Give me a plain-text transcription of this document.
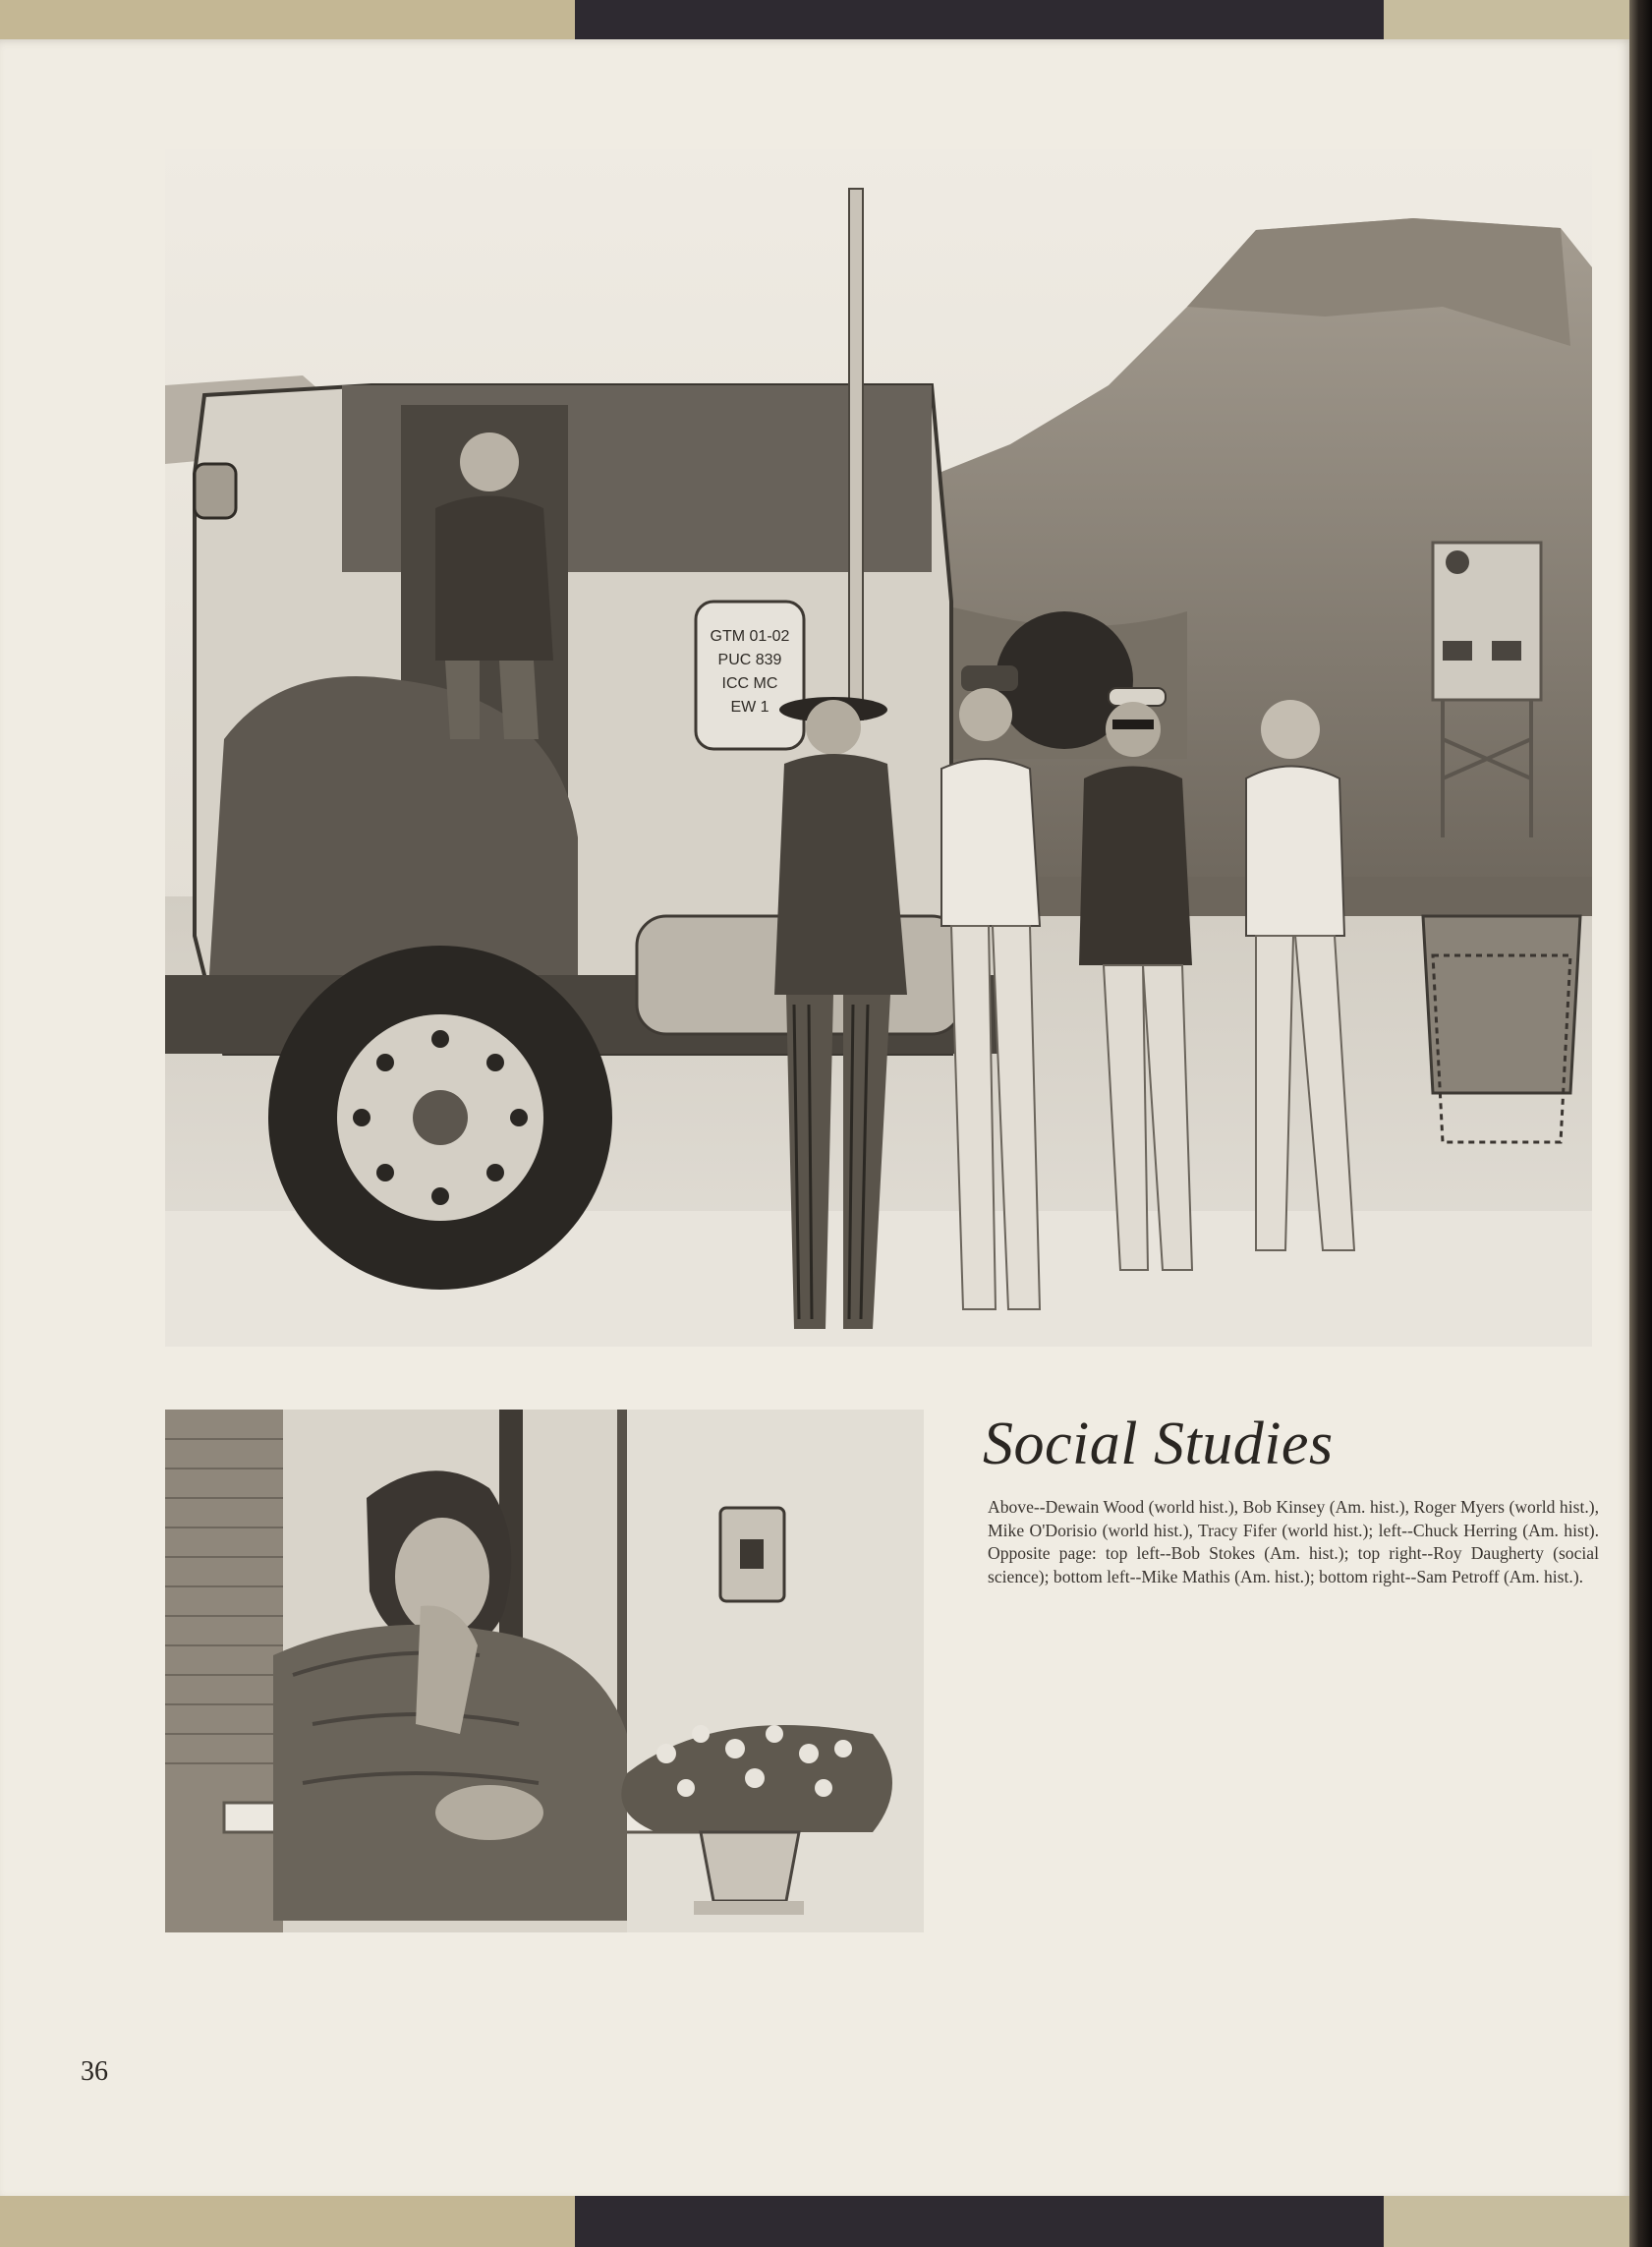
GTM 01-02
PUC 839
ICC MC
EW 1
Social Studies

Above--Dewain Wood (world hist.), Bob Kinsey (Am. hist.), Roger Myers (world hist.), Mike O'Dorisio (world hist.), Tracy Fifer (world hist.); left--Chuck Herring (Am. hist). Opposite page: top left--Bob Stokes (Am. hist.); top right--Roy Daugherty (social science); bottom left--Mike Mathis (Am. hist.); bottom right--Sam Petroff (Am. hist.).

36
